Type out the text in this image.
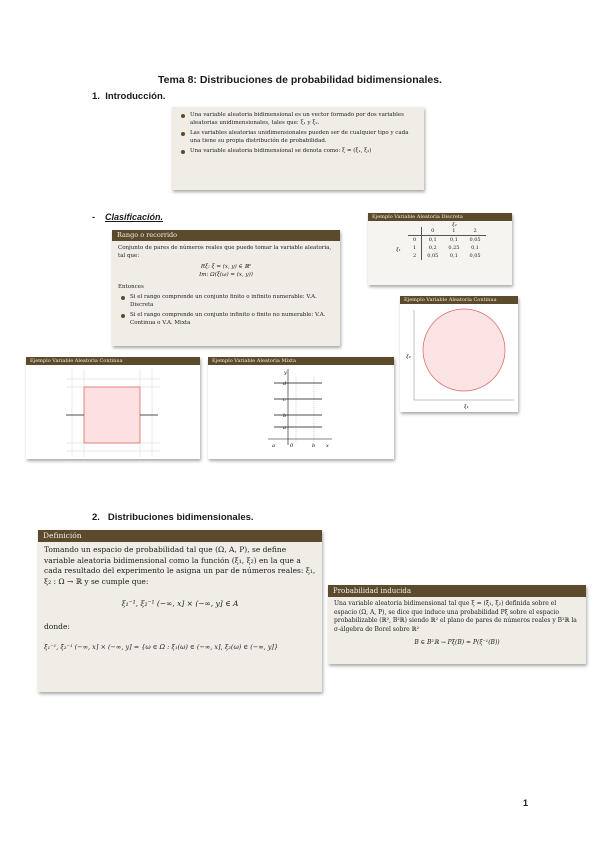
Tema 8: Distribuciones de probabilidad bidimensionales.
1. Introducción.
Una variable aleatoria bidimensional es un vector formado por dos variables aleatorias unidimensionales, tales que: ξ₁ y ξ₂.
Las variables aleatorias unidimensionales pueden ser de cualquier tipo y cada una tiene su propia distribución de probabilidad.
Una variable aleatoria bidimensional se denota como: ξ = (ξ₁, ξ₂)
- Clasificación.
Rango o recorrido
Conjunto de pares de números reales que puede tomar la variable aleatoria, tal que:
Rξ: ξ = (x, y) ∈ ℝ²
Im: Ω(ξ(ω) = (x, y))
Entonces
Si el rango comprende un conjunto finito o infinito numerable: V.A. Discreta
Si el rango comprende un conjunto infinito o finito no numerable: V.A. Continua o V.A. Mixta
Ejemplo Variable Aleatoria Discreta
ξ₂
ξ₁
	0	1	2
0	0,1	0,1	0,05
1	0,2	0,25	0,1
2	0,05	0,1	0,05
Ejemplo Variable Aleatoria Continua
ξ₂
ξ₁
Ejemplo Variable Aleatoria Continua	Ejemplo Variable Aleatoria Mixta
y
d
c
b
a
0
a	b x
2. Distribuciones bidimensionales.
Definición
Tomando un espacio de probabilidad tal que (Ω, A, P), se define variable aleatoria bidimensional como la función (ξ₁, ξ₂) en la que a cada resultado del experimento le asigna un par de números reales: ξ₁, ξ₂ : Ω → ℝ y se cumple que:
ξ₁⁻¹, ξ₂⁻¹ (−∞, x] × (−∞, y] ∈ A
donde:
ξ₁⁻¹, ξ₂⁻¹ (−∞, x] × (−∞, y] = {ω ∈ Ω : ξ₁(ω) ∈ (−∞, x], ξ₂(ω) ∈ (−∞, y]}
Probabilidad inducida
Una variable aleatoria bidimensional tal que ξ = (ξ₁, ξ₂) definida sobre el espacio (Ω, A, P), se dice que induce una probabilidad Pξ sobre el espacio probabilizable (ℝ², B²ℝ) siendo ℝ² el plano de pares de números reales y B²ℝ la σ-álgebra de Borel sobre ℝ²
B ∈ B²ℝ → Pξ(B) = P(ξ⁻¹(B))
1
